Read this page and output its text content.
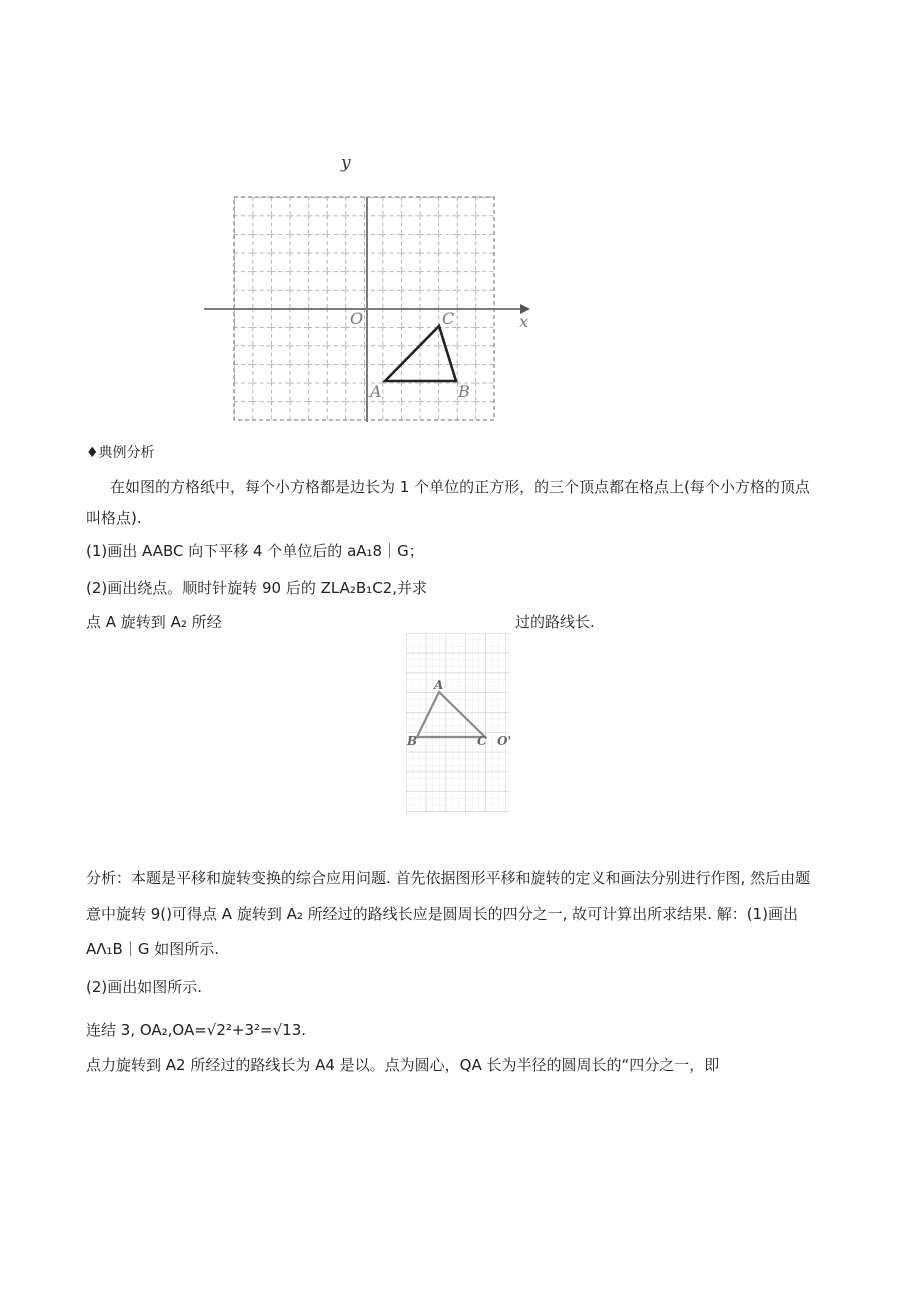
y
O	x
C
A	B
♦典例分析
在如图的方格纸中，每个小方格都是边长为 1 个单位的正方形，的三个顶点都在格点上(每个小方格的顶点
叫格点).
(1)画出 AABC 向下平移 4 个单位后的 aA₁8｜G；
(2)画出绕点。顺时针旋转 90 后的 ZLA₂B₁C2,并求
点 A 旋转到 A₂ 所经	过的路线长.
A
B	C O'
分析：本题是平移和旋转变换的综合应用问题. 首先依据图形平移和旋转的定义和画法分别进行作图, 然后由题
意中旋转 9()可得点 A 旋转到 A₂ 所经过的路线长应是圆周长的四分之一, 故可计算出所求结果. 解：(1)画出
AΛ₁B｜G 如图所示.
(2)画出如图所示.
连结 3, OA₂,OA=√2²+3²=√13.
点力旋转到 A2 所经过的路线长为 A4 是以。点为圆心，QA 长为半径的圆周长的“四分之一，即
